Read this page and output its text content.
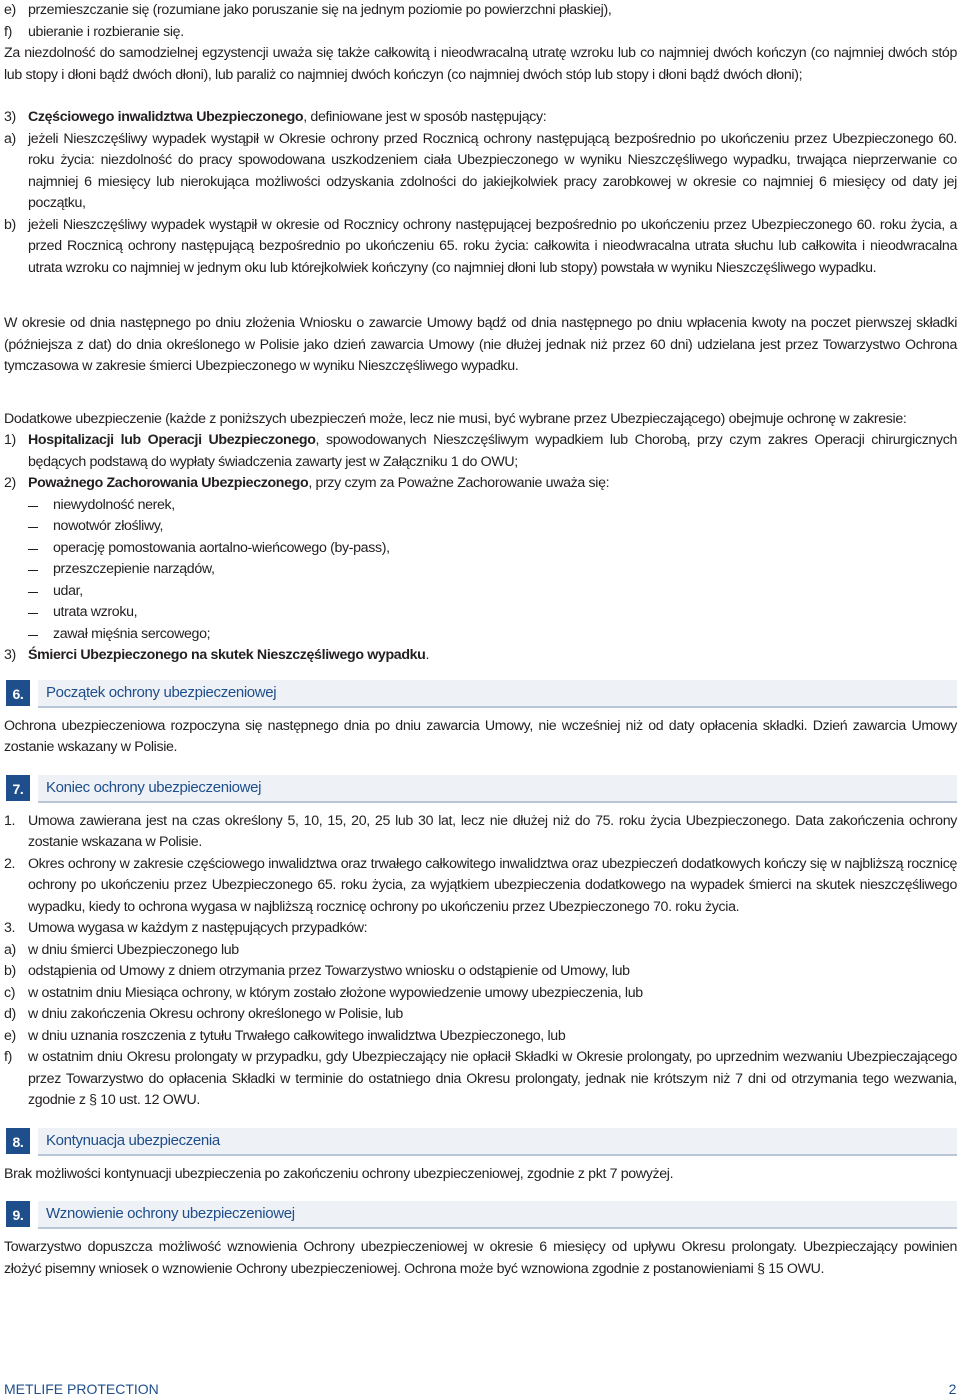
e) przemieszczanie się (rozumiane jako poruszanie się na jednym poziomie po powierzchni płaskiej),
f) ubieranie i rozbieranie się.

Za niezdolność do samodzielnej egzystencji uważa się także całkowitą i nieodwracalną utratę wzroku lub co najmniej dwóch kończyn (co najmniej dwóch stóp lub stopy i dłoni bądź dwóch dłoni), lub paraliż co najmniej dwóch kończyn (co najmniej dwóch stóp lub stopy i dłoni bądź dwóch dłoni);

3) Częściowego inwalidztwa Ubezpieczonego, definiowane jest w sposób następujący:
a) jeżeli Nieszczęśliwy wypadek wystąpił w Okresie ochrony przed Rocznicą ochrony następującą bezpośrednio po ukończeniu przez Ubezpieczonego 60. roku życia: niezdolność do pracy spowodowana uszkodzeniem ciała Ubezpieczonego w wyniku Nieszczęśliwego wypadku, trwająca nieprzerwanie co najmniej 6 miesięcy lub nierokująca możliwości odzyskania zdolności do jakiejkolwiek pracy zarobkowej w okresie co najmniej 6 miesięcy od daty jej początku,
b) jeżeli Nieszczęśliwy wypadek wystąpił w okresie od Rocznicy ochrony następującej bezpośrednio po ukończeniu przez Ubezpieczonego 60. roku życia, a przed Rocznicą ochrony następującą bezpośrednio po ukończeniu 65. roku życia: całkowita i nieodwracalna utrata słuchu lub całkowita i nieodwracalna utrata wzroku co najmniej w jednym oku lub którejkolwiek kończyny (co najmniej dłoni lub stopy) powstała w wyniku Nieszczęśliwego wypadku.

W okresie od dnia następnego po dniu złożenia Wniosku o zawarcie Umowy bądź od dnia następnego po dniu wpłacenia kwoty na poczet pierwszej składki (późniejsza z dat) do dnia określonego w Polisie jako dzień zawarcia Umowy (nie dłużej jednak niż przez 60 dni) udzielana jest przez Towarzystwo Ochrona tymczasowa w zakresie śmierci Ubezpieczonego w wyniku Nieszczęśliwego wypadku.

Dodatkowe ubezpieczenie (każde z poniższych ubezpieczeń może, lecz nie musi, być wybrane przez Ubezpieczającego) obejmuje ochronę w zakresie:

1) Hospitalizacji lub Operacji Ubezpieczonego, spowodowanych Nieszczęśliwym wypadkiem lub Chorobą, przy czym zakres Operacji chirurgicznych będących podstawą do wypłaty świadczenia zawarty jest w Załączniku 1 do OWU;
2) Poważnego Zachorowania Ubezpieczonego, przy czym za Poważne Zachorowanie uważa się:
niewydolność nerek,
nowotwór złośliwy,
operację pomostowania aortalno-wieńcowego (by-pass),
przeszczepienie narządów,
udar,
utrata wzroku,
zawał mięśnia sercowego;
3) Śmierci Ubezpieczonego na skutek Nieszczęśliwego wypadku.
6.	Początek ochrony ubezpieczeniowej

Ochrona ubezpieczeniowa rozpoczyna się następnego dnia po dniu zawarcia Umowy, nie wcześniej niż od daty opłacenia składki. Dzień zawarcia Umowy zostanie wskazany w Polisie.

7.	Koniec ochrony ubezpieczeniowej
1. Umowa zawierana jest na czas określony 5, 10, 15, 20, 25 lub 30 lat, lecz nie dłużej niż do 75. roku życia Ubezpieczonego. Data zakończenia ochrony zostanie wskazana w Polisie.
2. Okres ochrony w zakresie częściowego inwalidztwa oraz trwałego całkowitego inwalidztwa oraz ubezpieczeń dodatkowych kończy się w najbliższą rocznicę ochrony po ukończeniu przez Ubezpieczonego 65. roku życia, za wyjątkiem ubezpieczenia dodatkowego na wypadek śmierci na skutek nieszczęśliwego wypadku, kiedy to ochrona wygasa w najbliższą rocznicę ochrony po ukończeniu przez Ubezpieczonego 70. roku życia.
3. Umowa wygasa w każdym z następujących przypadków:
a) w dniu śmierci Ubezpieczonego lub
b) odstąpienia od Umowy z dniem otrzymania przez Towarzystwo wniosku o odstąpienie od Umowy, lub
c) w ostatnim dniu Miesiąca ochrony, w którym zostało złożone wypowiedzenie umowy ubezpieczenia, lub
d) w dniu zakończenia Okresu ochrony określonego w Polisie, lub
e) w dniu uznania roszczenia z tytułu Trwałego całkowitego inwalidztwa Ubezpieczonego, lub
f) w ostatnim dniu Okresu prolongaty w przypadku, gdy Ubezpieczający nie opłacił Składki w Okresie prolongaty, po uprzednim wezwaniu Ubezpieczającego przez Towarzystwo do opłacenia Składki w terminie do ostatniego dnia Okresu prolongaty, jednak nie krótszym niż 7 dni od otrzymania tego wezwania, zgodnie z § 10 ust. 12 OWU.
8.	Kontynuacja ubezpieczenia

Brak możliwości kontynuacji ubezpieczenia po zakończeniu ochrony ubezpieczeniowej, zgodnie z pkt 7 powyżej.

9.	Wznowienie ochrony ubezpieczeniowej

Towarzystwo dopuszcza możliwość wznowienia Ochrony ubezpieczeniowej w okresie 6 miesięcy od upływu Okresu prolongaty. Ubezpieczający powinien złożyć pisemny wniosek o wznowienie Ochrony ubezpieczeniowej. Ochrona może być wznowiona zgodnie z postanowieniami § 15 OWU.

METLIFE PROTECTION	2
